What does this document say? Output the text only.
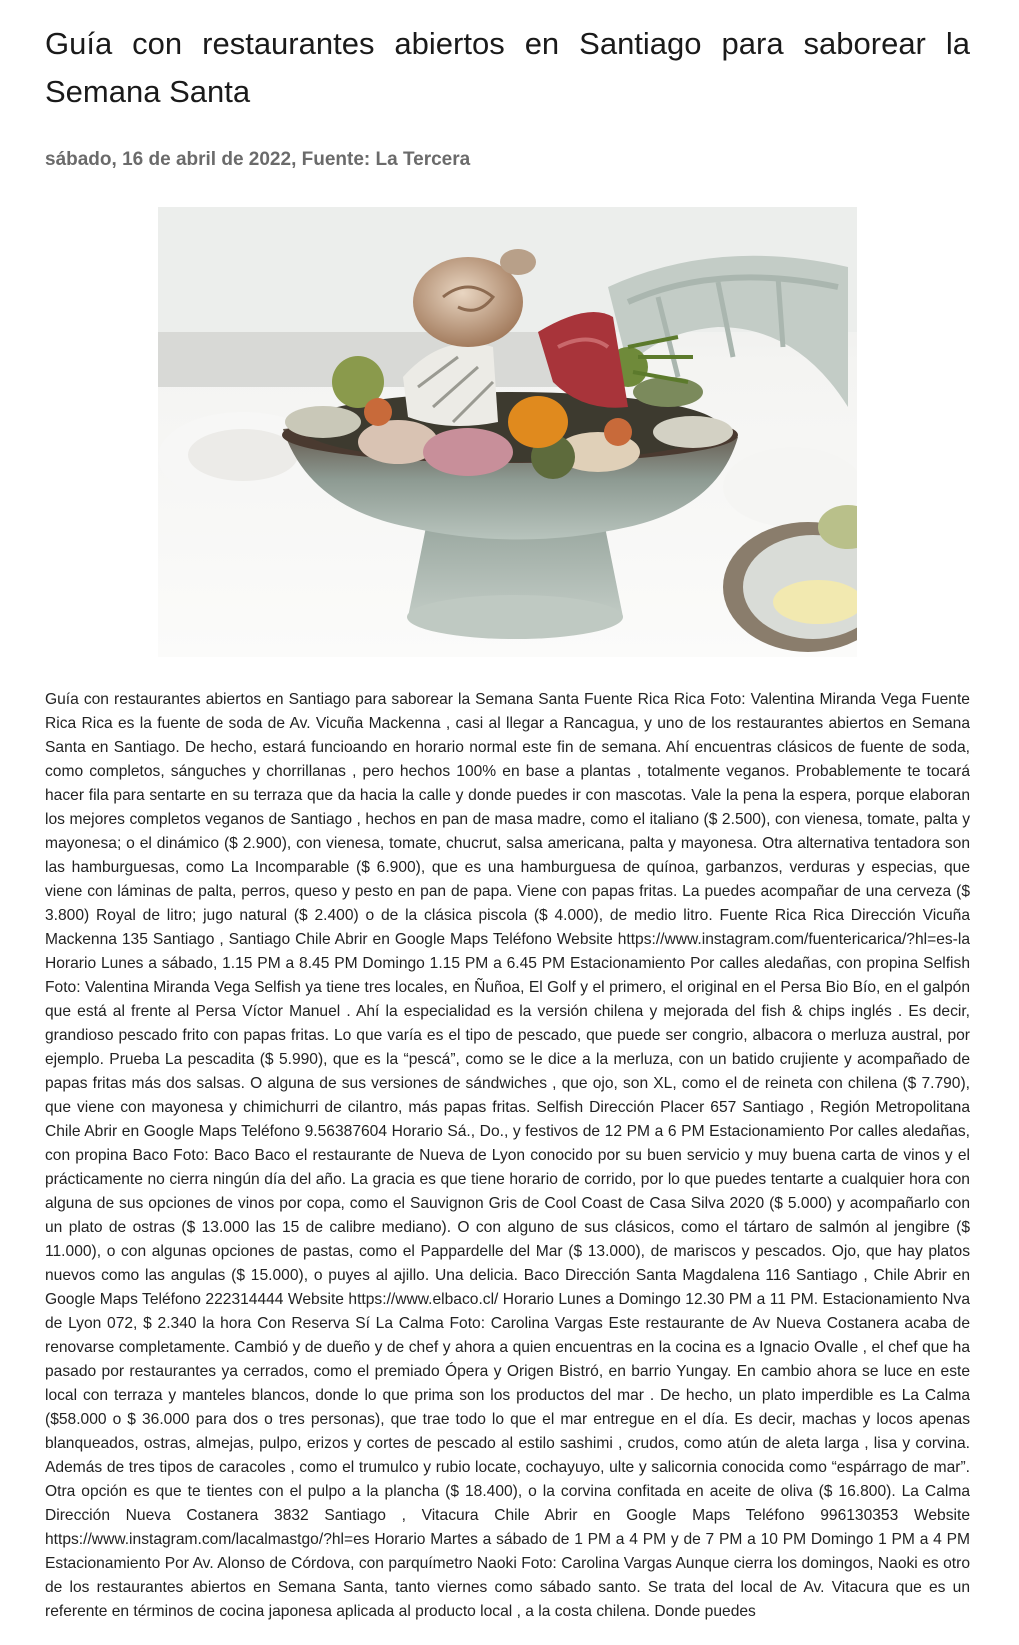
Guía con restaurantes abiertos en Santiago para saborear la Semana Santa

sábado, 16 de abril de 2022, Fuente: La Tercera

Guía con restaurantes abiertos en Santiago para saborear la Semana Santa Fuente Rica Rica Foto: Valentina Miranda Vega Fuente Rica Rica es la fuente de soda de Av. Vicuña Mackenna , casi al llegar a Rancagua, y uno de los restaurantes abiertos en Semana Santa en Santiago. De hecho, estará funcioando en horario normal este fin de semana. Ahí encuentras clásicos de fuente de soda, como completos, sánguches y chorrillanas , pero hechos 100% en base a plantas , totalmente veganos. Probablemente te tocará hacer fila para sentarte en su terraza que da hacia la calle y donde puedes ir con mascotas. Vale la pena la espera, porque elaboran los mejores completos veganos de Santiago , hechos en pan de masa madre, como el italiano ($ 2.500), con vienesa, tomate, palta y mayonesa; o el dinámico ($ 2.900), con vienesa, tomate, chucrut, salsa americana, palta y mayonesa. Otra alternativa tentadora son las hamburguesas, como La Incomparable ($ 6.900), que es una hamburguesa de quínoa, garbanzos, verduras y especias, que viene con láminas de palta, perros, queso y pesto en pan de papa. Viene con papas fritas. La puedes acompañar de una cerveza ($ 3.800) Royal de litro; jugo natural ($ 2.400) o de la clásica piscola ($ 4.000), de medio litro. Fuente Rica Rica Dirección Vicuña Mackenna 135 Santiago , Santiago Chile Abrir en Google Maps Teléfono Website https://www.instagram.com/fuentericarica/?hl=es-la Horario Lunes a sábado, 1.15 PM a 8.45 PM Domingo 1.15 PM a 6.45 PM Estacionamiento Por calles aledañas, con propina Selfish Foto: Valentina Miranda Vega Selfish ya tiene tres locales, en Ñuñoa, El Golf y el primero, el original en el Persa Bio Bío, en el galpón que está al frente al Persa Víctor Manuel . Ahí la especialidad es la versión chilena y mejorada del fish & chips inglés . Es decir, grandioso pescado frito con papas fritas. Lo que varía es el tipo de pescado, que puede ser congrio, albacora o merluza austral, por ejemplo. Prueba La pescadita ($ 5.990), que es la “pescá”, como se le dice a la merluza, con un batido crujiente y acompañado de papas fritas más dos salsas. O alguna de sus versiones de sándwiches , que ojo, son XL, como el de reineta con chilena ($ 7.790), que viene con mayonesa y chimichurri de cilantro, más papas fritas. Selfish Dirección Placer 657 Santiago , Región Metropolitana Chile Abrir en Google Maps Teléfono 9.56387604 Horario Sá., Do., y festivos de 12 PM a 6 PM Estacionamiento Por calles aledañas, con propina Baco Foto: Baco Baco el restaurante de Nueva de Lyon conocido por su buen servicio y muy buena carta de vinos y el prácticamente no cierra ningún día del año. La gracia es que tiene horario de corrido, por lo que puedes tentarte a cualquier hora con alguna de sus opciones de vinos por copa, como el Sauvignon Gris de Cool Coast de Casa Silva 2020 ($ 5.000) y acompañarlo con un plato de ostras ($ 13.000 las 15 de calibre mediano). O con alguno de sus clásicos, como el tártaro de salmón al jengibre ($ 11.000), o con algunas opciones de pastas, como el Pappardelle del Mar ($ 13.000), de mariscos y pescados. Ojo, que hay platos nuevos como las angulas ($ 15.000), o puyes al ajillo. Una delicia. Baco Dirección Santa Magdalena 116 Santiago , Chile Abrir en Google Maps Teléfono 222314444 Website https://www.elbaco.cl/ Horario Lunes a Domingo 12.30 PM a 11 PM. Estacionamiento Nva de Lyon 072, $ 2.340 la hora Con Reserva Sí La Calma Foto: Carolina Vargas Este restaurante de Av Nueva Costanera acaba de renovarse completamente. Cambió y de dueño y de chef y ahora a quien encuentras en la cocina es a Ignacio Ovalle , el chef que ha pasado por restaurantes ya cerrados, como el premiado Ópera y Origen Bistró, en barrio Yungay. En cambio ahora se luce en este local con terraza y manteles blancos, donde lo que prima son los productos del mar . De hecho, un plato imperdible es La Calma ($58.000 o $ 36.000 para dos o tres personas), que trae todo lo que el mar entregue en el día. Es decir, machas y locos apenas blanqueados, ostras, almejas, pulpo, erizos y cortes de pescado al estilo sashimi , crudos, como atún de aleta larga , lisa y corvina. Además de tres tipos de caracoles , como el trumulco y rubio locate, cochayuyo, ulte y salicornia conocida como “espárrago de mar”. Otra opción es que te tientes con el pulpo a la plancha ($ 18.400), o la corvina confitada en aceite de oliva ($ 16.800). La Calma Dirección Nueva Costanera 3832 Santiago , Vitacura Chile Abrir en Google Maps Teléfono 996130353 Website https://www.instagram.com/lacalmastgo/?hl=es Horario Martes a sábado de 1 PM a 4 PM y de 7 PM a 10 PM Domingo 1 PM a 4 PM Estacionamiento Por Av. Alonso de Córdova, con parquímetro Naoki Foto: Carolina Vargas Aunque cierra los domingos, Naoki es otro de los restaurantes abiertos en Semana Santa, tanto viernes como sábado santo. Se trata del local de Av. Vitacura que es un referente en términos de cocina japonesa aplicada al producto local , a la costa chilena. Donde puedes
